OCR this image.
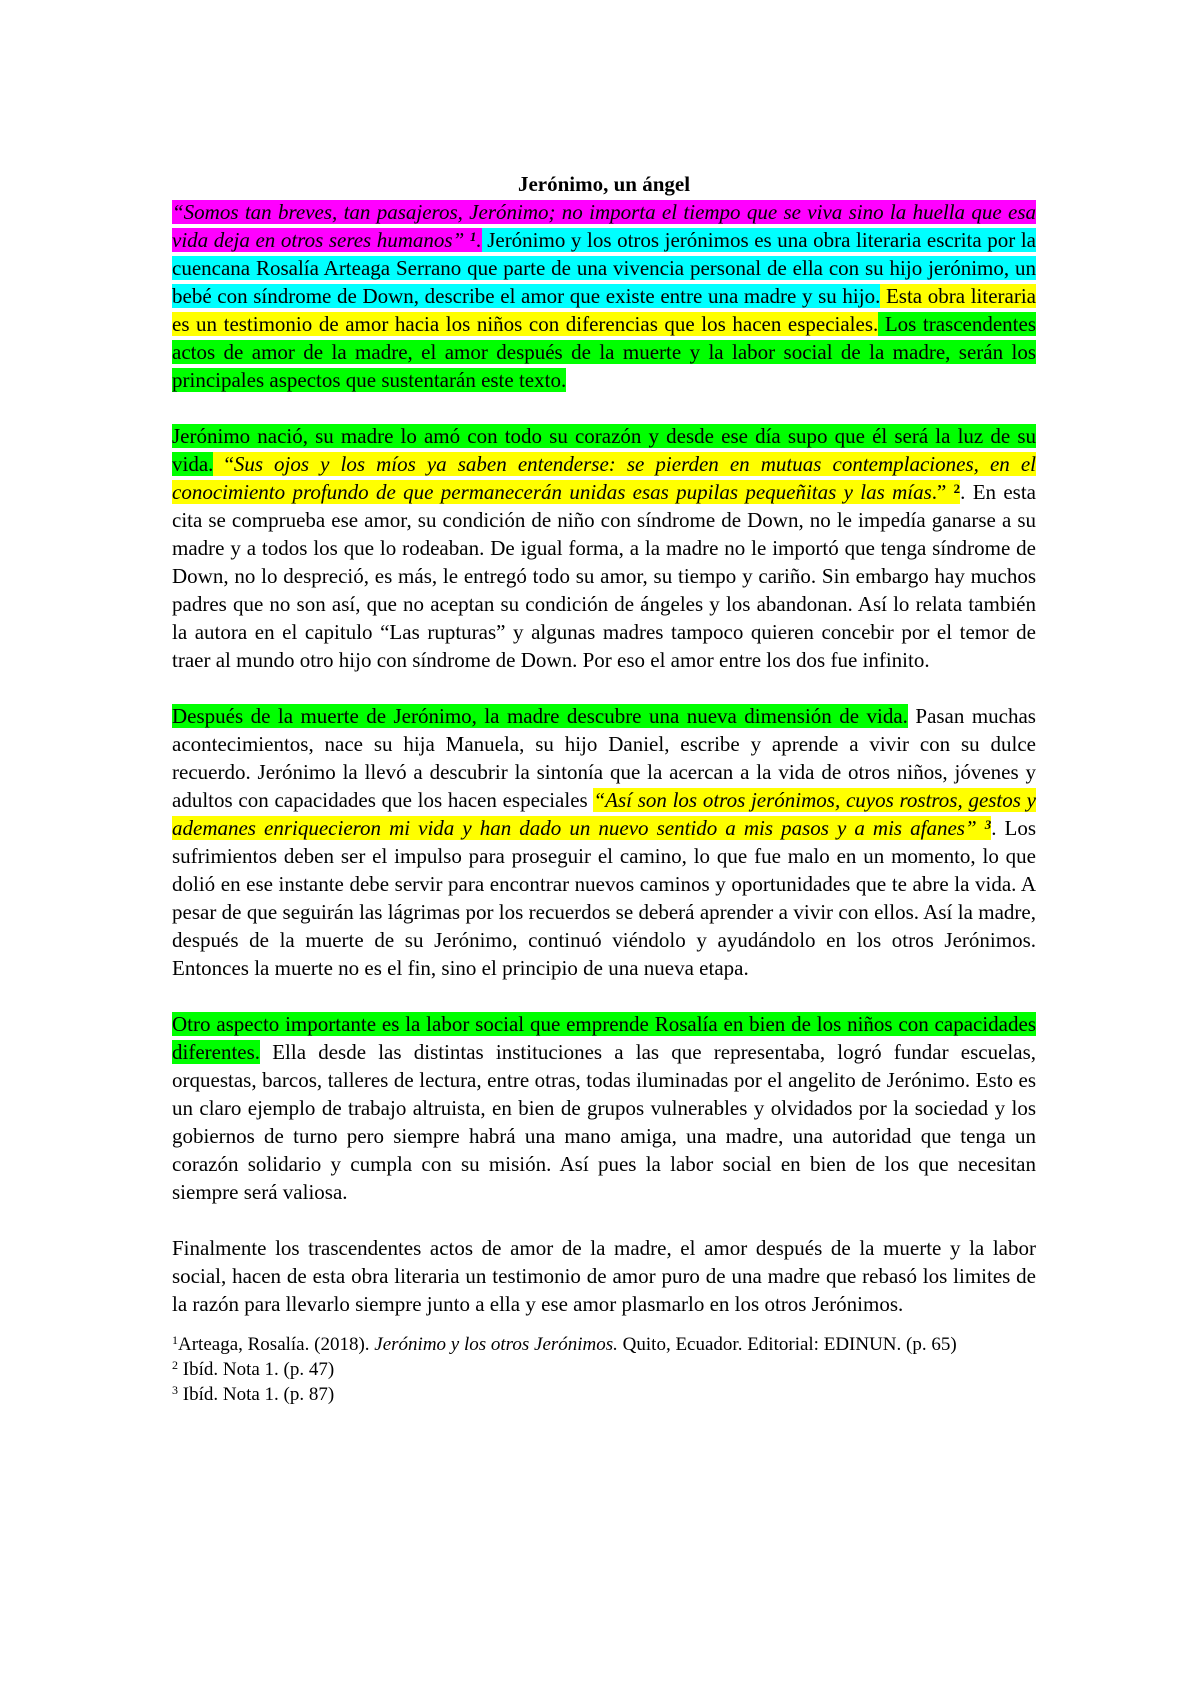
Jerónimo, un ángel

“Somos tan breves, tan pasajeros, Jerónimo; no importa el tiempo que se viva sino la huella que esa vida deja en otros seres humanos” $^1$. Jerónimo y los otros jerónimos es una obra literaria escrita por la cuencana Rosalía Arteaga Serrano que parte de una vivencia personal de ella con su hijo jerónimo, un bebé con síndrome de Down, describe el amor que existe entre una madre y su hijo. Esta obra literaria es un testimonio de amor hacia los niños con diferencias que los hacen especiales. Los trascendentes actos de amor de la madre, el amor después de la muerte y la labor social de la madre, serán los principales aspectos que sustentarán este texto.

Jerónimo nació, su madre lo amó con todo su corazón y desde ese día supo que él será la luz de su vida. “Sus ojos y los míos ya saben entenderse: se pierden en mutuas contemplaciones, en el conocimiento profundo de que permanecerán unidas esas pupilas pequeñitas y las mías.” $^2$. En esta cita se comprueba ese amor, su condición de niño con síndrome de Down, no le impedía ganarse a su madre y a todos los que lo rodeaban. De igual forma, a la madre no le importó que tenga síndrome de Down, no lo despreció, es más, le entregó todo su amor, su tiempo y cariño. Sin embargo hay muchos padres que no son así, que no aceptan su condición de ángeles y los abandonan. Así lo relata también la autora en el capitulo “Las rupturas” y algunas madres tampoco quieren concebir por el temor de traer al mundo otro hijo con síndrome de Down. Por eso el amor entre los dos fue infinito.

Después de la muerte de Jerónimo, la madre descubre una nueva dimensión de vida. Pasan muchas acontecimientos, nace su hija Manuela, su hijo Daniel, escribe y aprende a vivir con su dulce recuerdo. Jerónimo la llevó a descubrir la sintonía que la acercan a la vida de otros niños, jóvenes y adultos con capacidades que los hacen especiales “Así son los otros jerónimos, cuyos rostros, gestos y ademanes enriquecieron mi vida y han dado un nuevo sentido a mis pasos y a mis afanes” $^3$. Los sufrimientos deben ser el impulso para proseguir el camino, lo que fue malo en un momento, lo que dolió en ese instante debe servir para encontrar nuevos caminos y oportunidades que te abre la vida. A pesar de que seguirán las lágrimas por los recuerdos se deberá aprender a vivir con ellos. Así la madre, después de la muerte de su Jerónimo, continuó viéndolo y ayudándolo en los otros Jerónimos. Entonces la muerte no es el fin, sino el principio de una nueva etapa.

Otro aspecto importante es la labor social que emprende Rosalía en bien de los niños con capacidades diferentes. Ella desde las distintas instituciones a las que representaba, logró fundar escuelas, orquestas, barcos, talleres de lectura, entre otras, todas iluminadas por el angelito de Jerónimo. Esto es un claro ejemplo de trabajo altruista, en bien de grupos vulnerables y olvidados por la sociedad y los gobiernos de turno pero siempre habrá una mano amiga, una madre, una autoridad que tenga un corazón solidario y cumpla con su misión. Así pues la labor social en bien de los que necesitan siempre será valiosa.

Finalmente los trascendentes actos de amor de la madre, el amor después de la muerte y la labor social, hacen de esta obra literaria un testimonio de amor puro de una madre que rebasó los limites de la razón para llevarlo siempre junto a ella y ese amor plasmarlo en los otros Jerónimos.

$^1$Arteaga, Rosalía. (2018). Jerónimo y los otros Jerónimos. Quito, Ecuador. Editorial: EDINUN. (p. 65)

$^2$ Ibíd. Nota 1. (p. 47)

$^3$ Ibíd. Nota 1. (p. 87)
